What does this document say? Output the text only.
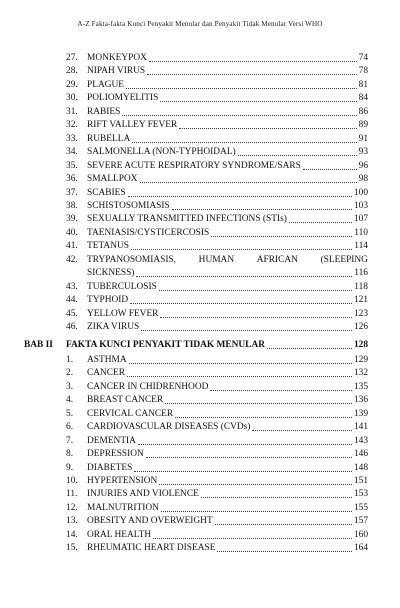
A-Z Fakta-fakta Kunci Penyakit Menular dan Penyakit Tidak Menular Versi WHO
27. MONKEYPOX	74
28. NIPAH VIRUS	78
29. PLAGUE	81
30. POLIOMYELITIS	84
31. RABIES	86
32. RIFT VALLEY FEVER	89
33. RUBELLA	91
34. SALMONELLA (NON-TYPHOIDAL)	93
35. SEVERE ACUTE RESPIRATORY SYNDROME/SARS	96
36. SMALLPOX	98
37. SCABIES	100
38. SCHISTOSOMIASIS	103
39. SEXUALLY TRANSMITTED INFECTIONS (STIs)	107
40. TAENIASIS/CYSTICERCOSIS	110
41. TETANUS	114
42. TRYPANOSOMIASIS, HUMAN AFRICAN (SLEEPING
SICKNESS)	116
43. TUBERCULOSIS	118
44. TYPHOID	121
45. YELLOW FEVER	123
46. ZIKA VIRUS	126
BAB II FAKTA KUNCI PENYAKIT TIDAK MENULAR	128
1.	ASTHMA	129
2.	CANCER	132
3.	CANCER IN CHIDRENHOOD	135
4.	BREAST CANCER	136
5.	CERVICAL CANCER	139
6.	CARDIOVASCULAR DISEASES (CVDs)	141
7.	DEMENTIA	143
8.	DEPRESSION	146
9.	DIABETES	148
10. HYPERTENSION	151
11.	INJURIES AND VIOLENCE	153
12. MALNUTRITION	155
13. OBESITY AND OVERWEIGHT	157
14. ORAL HEALTH	160
15. RHEUMATIC HEART DISEASE	164
